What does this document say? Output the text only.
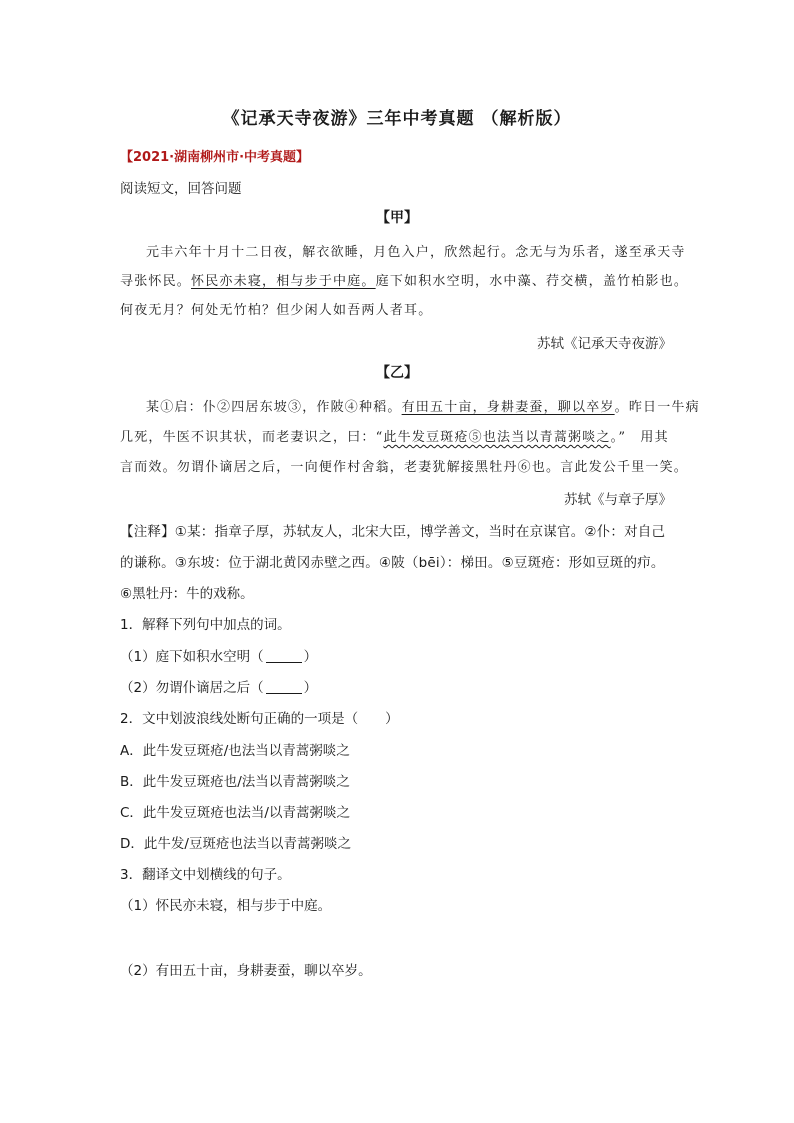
《记承天寺夜游》三年中考真题 （解析版）
【2021·湖南柳州市·中考真题】
阅读短文，回答问题
【甲】
元丰六年十月十二日夜，解衣欲睡，月色入户，欣然起行。念无与为乐者，遂至承天寺
寻张怀民。怀民亦未寝，相与步于中庭。庭下如积水空明，水中藻、荇交横，盖竹柏影也。
何夜无月？何处无竹柏？但少闲人如吾两人者耳。
苏轼《记承天寺夜游》
【乙】
某①启：仆②四居东坡③，作陂④种稻。有田五十亩，身耕妻蚕，聊以卒岁。昨日一牛病
几死，牛医不识其状，而老妻识之，曰：“此牛发豆斑疮⑤也法当以青蒿粥啖之。”　用其
言而效。勿谓仆谪居之后，一向便作村舍翁，老妻犹解接黑牡丹⑥也。言此发公千里一笑。
苏轼《与章子厚》
【注释】①某：指章子厚，苏轼友人，北宋大臣，博学善文，当时在京谋官。②仆：对自己
的谦称。③东坡：位于湖北黄冈赤壁之西。④陂（bēi）：梯田。⑤豆斑疮：形如豆斑的疖。
⑥黑牡丹：牛的戏称。
1．解释下列句中加点的词。
（1）庭下如积水空明（	）
（2）勿谓仆谪居之后（	）
2．文中划波浪线处断句正确的一项是（　　）
A．此牛发豆斑疮/也法当以青蒿粥啖之
B．此牛发豆斑疮也/法当以青蒿粥啖之
C．此牛发豆斑疮也法当/以青蒿粥啖之
D．此牛发/豆斑疮也法当以青蒿粥啖之
3．翻译文中划横线的句子。
（1）怀民亦未寝，相与步于中庭。
（2）有田五十亩，身耕妻蚕，聊以卒岁。
